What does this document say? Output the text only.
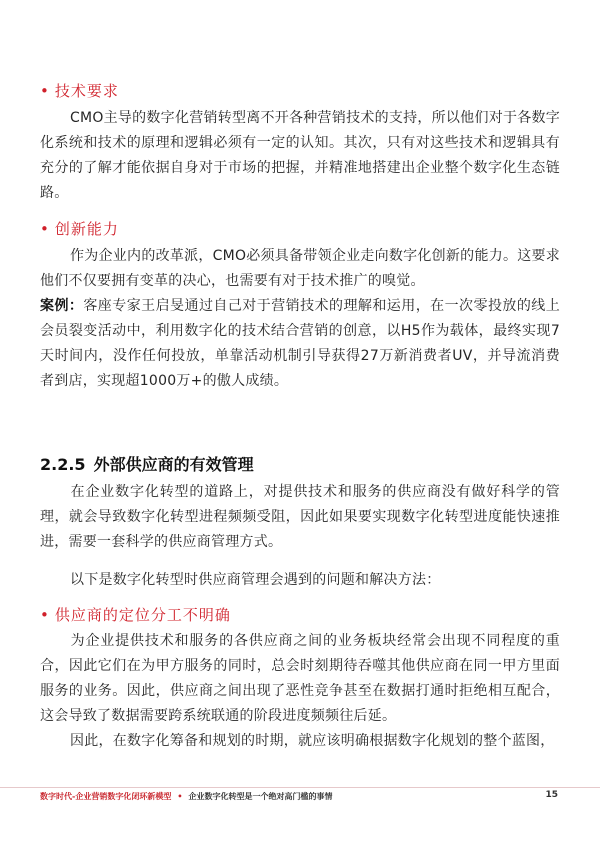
• 技术要求
CMO主导的数字化营销转型离不开各种营销技术的支持，所以他们对于各数字化系统和技术的原理和逻辑必须有一定的认知。其次，只有对这些技术和逻辑具有充分的了解才能依据自身对于市场的把握，并精准地搭建出企业整个数字化生态链路。
• 创新能力
作为企业内的改革派，CMO必须具备带领企业走向数字化创新的能力。这要求他们不仅要拥有变革的决心，也需要有对于技术推广的嗅觉。
案例：客座专家王启旻通过自己对于营销技术的理解和运用，在一次零投放的线上会员裂变活动中，利用数字化的技术结合营销的创意，以H5作为载体，最终实现7天时间内，没作任何投放，单靠活动机制引导获得27万新消费者UV，并导流消费者到店，实现超1000万+的傲人成绩。
2.2.5 外部供应商的有效管理
在企业数字化转型的道路上，对提供技术和服务的供应商没有做好科学的管理，就会导致数字化转型进程频频受阻，因此如果要实现数字化转型进度能快速推进，需要一套科学的供应商管理方式。
以下是数字化转型时供应商管理会遇到的问题和解决方法：
• 供应商的定位分工不明确
为企业提供技术和服务的各供应商之间的业务板块经常会出现不同程度的重合，因此它们在为甲方服务的同时，总会时刻期待吞噬其他供应商在同一甲方里面服务的业务。因此，供应商之间出现了恶性竞争甚至在数据打通时拒绝相互配合，这会导致了数据需要跨系统联通的阶段进度频频往后延。
因此，在数字化筹备和规划的时期，就应该明确根据数字化规划的整个蓝图，
数字时代-企业营销数字化闭环新模型 • 企业数字化转型是一个绝对高门槛的事情	15
